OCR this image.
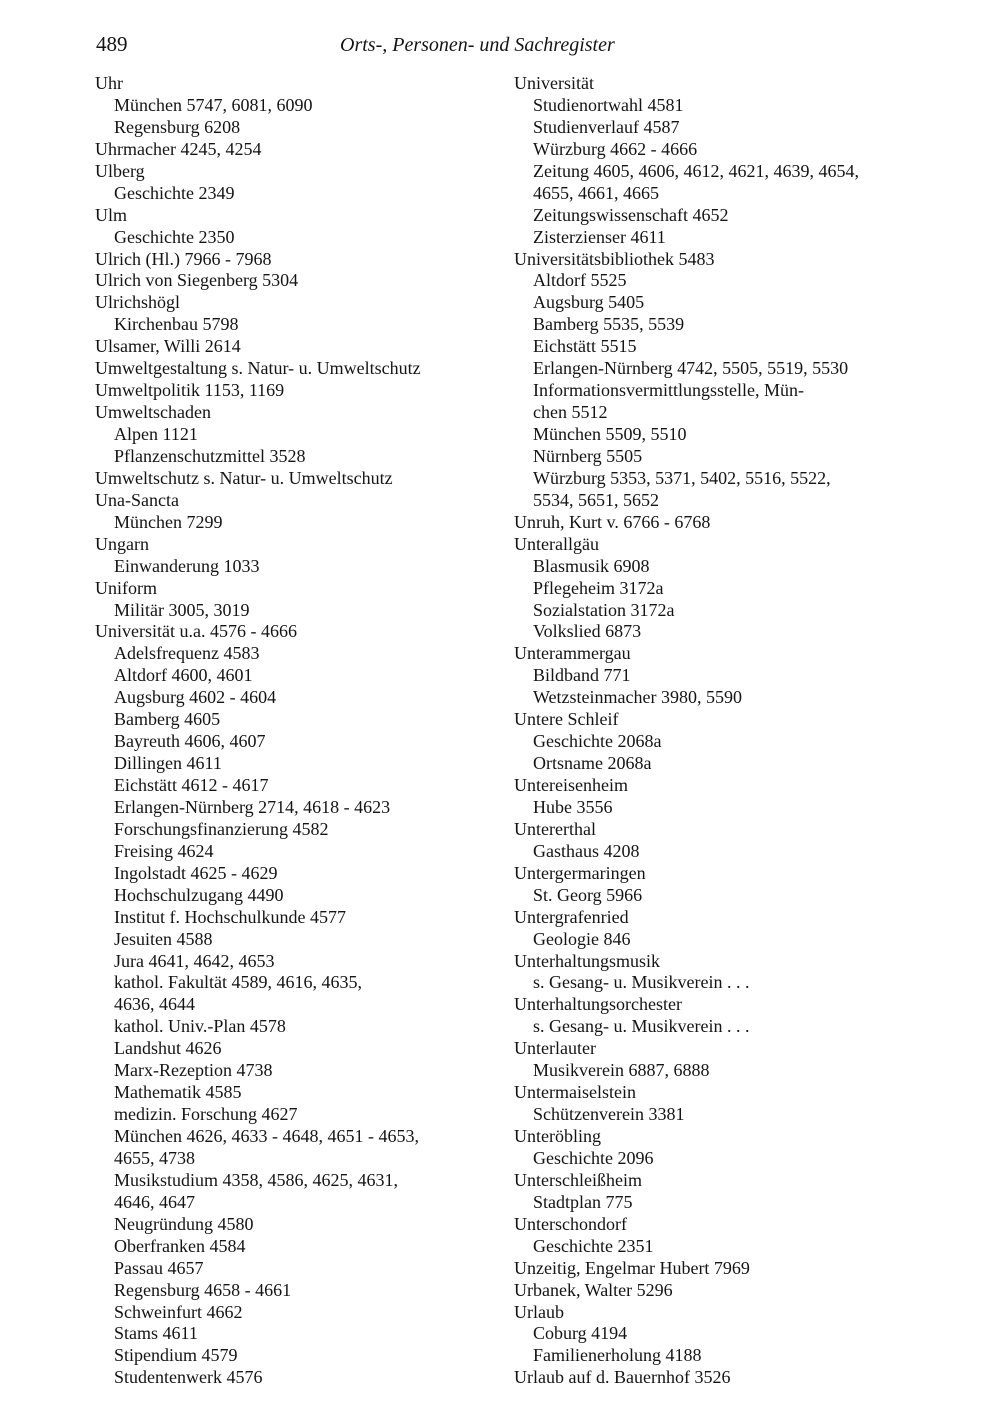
489	Orts-, Personen- und Sachregister
Uhr
München 5747, 6081, 6090
Regensburg 6208
Uhrmacher 4245, 4254
Ulberg
Geschichte 2349
Ulm
Geschichte 2350
Ulrich (Hl.) 7966 - 7968
Ulrich von Siegenberg 5304
Ulrichshögl
Kirchenbau 5798
Ulsamer, Willi 2614
Umweltgestaltung s. Natur- u. Umweltschutz
Umweltpolitik 1153, 1169
Umweltschaden
Alpen 1121
Pflanzenschutzmittel 3528
Umweltschutz s. Natur- u. Umweltschutz
Una-Sancta
München 7299
Ungarn
Einwanderung 1033
Uniform
Militär 3005, 3019
Universität u.a. 4576 - 4666
Adelsfrequenz 4583
Altdorf 4600, 4601
Augsburg 4602 - 4604
Bamberg 4605
Bayreuth 4606, 4607
Dillingen 4611
Eichstätt 4612 - 4617
Erlangen-Nürnberg 2714, 4618 - 4623
Forschungsfinanzierung 4582
Freising 4624
Ingolstadt 4625 - 4629
Hochschulzugang 4490
Institut f. Hochschulkunde 4577
Jesuiten 4588
Jura 4641, 4642, 4653
kathol. Fakultät 4589, 4616, 4635,
4636, 4644
kathol. Univ.-Plan 4578
Landshut 4626
Marx-Rezeption 4738
Mathematik 4585
medizin. Forschung 4627
München 4626, 4633 - 4648, 4651 - 4653,
4655, 4738
Musikstudium 4358, 4586, 4625, 4631,
4646, 4647
Neugründung 4580
Oberfranken 4584
Passau 4657
Regensburg 4658 - 4661
Schweinfurt 4662
Stams 4611
Stipendium 4579
Studentenwerk 4576
Universität
Studienortwahl 4581
Studienverlauf 4587
Würzburg 4662 - 4666
Zeitung 4605, 4606, 4612, 4621, 4639, 4654,
4655, 4661, 4665
Zeitungswissenschaft 4652
Zisterzienser 4611
Universitätsbibliothek 5483
Altdorf 5525
Augsburg 5405
Bamberg 5535, 5539
Eichstätt 5515
Erlangen-Nürnberg 4742, 5505, 5519, 5530
Informationsvermittlungsstelle, Mün-
chen 5512
München 5509, 5510
Nürnberg 5505
Würzburg 5353, 5371, 5402, 5516, 5522,
5534, 5651, 5652
Unruh, Kurt v. 6766 - 6768
Unterallgäu
Blasmusik 6908
Pflegeheim 3172a
Sozialstation 3172a
Volkslied 6873
Unterammergau
Bildband 771
Wetzsteinmacher 3980, 5590
Untere Schleif
Geschichte 2068a
Ortsname 2068a
Untereisenheim
Hube 3556
Untererthal
Gasthaus 4208
Untergermaringen
St. Georg 5966
Untergrafenried
Geologie 846
Unterhaltungsmusik
s. Gesang- u. Musikverein . . .
Unterhaltungsorchester
s. Gesang- u. Musikverein . . .
Unterlauter
Musikverein 6887, 6888
Untermaiselstein
Schützenverein 3381
Unteröbling
Geschichte 2096
Unterschleißheim
Stadtplan 775
Unterschondorf
Geschichte 2351
Unzeitig, Engelmar Hubert 7969
Urbanek, Walter 5296
Urlaub
Coburg 4194
Familienerholung 4188
Urlaub auf d. Bauernhof 3526
